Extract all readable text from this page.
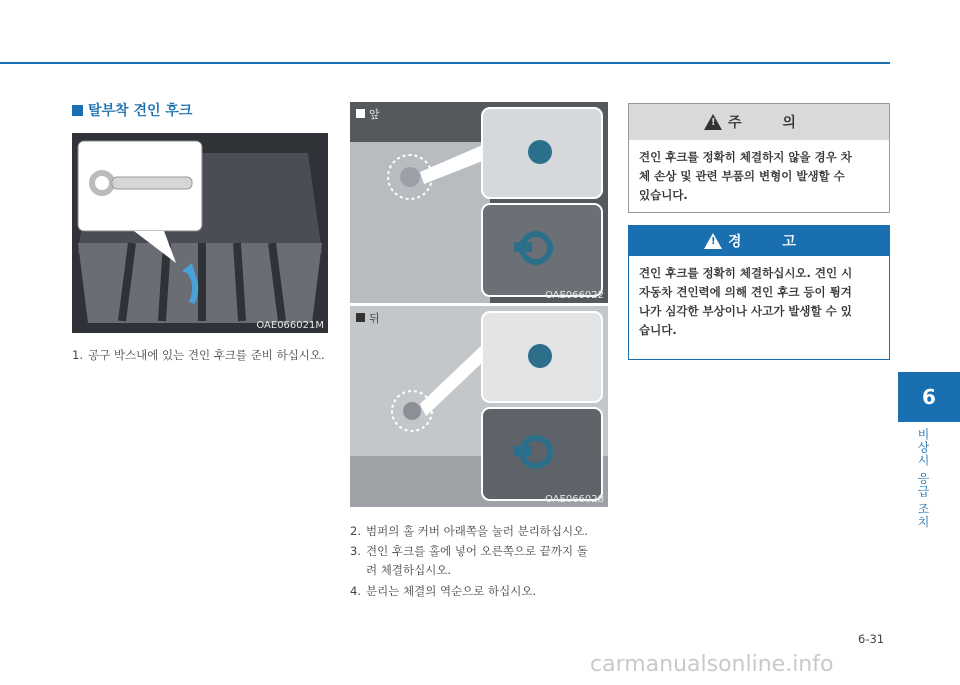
탈부착 견인 후크
OAE066021M
1. 공구 박스내에 있는 견인 후크를 준비 하십시오.
앞
OAE066022
뒤
OAE066028
2. 범퍼의 홀 커버 아래쪽을 눌러 분리하십시오.
3. 견인 후크를 홀에 넣어 오른쪽으로 끝까지 돌
려 체결하십시오.
4. 분리는 체결의 역순으로 하십시오.
! 주 의
견인 후크를 정확히 체결하지 않을 경우 차
체 손상 및 관련 부품의 변형이 발생할 수
있습니다.
! 경 고
견인 후크를 정확히 체결하십시오. 견인 시
자동차 견인력에 의해 견인 후크 등이 튕겨
나가 심각한 부상이나 사고가 발생할 수 있
습니다.
6
비상시 응급 조치
6-31
carmanualsonline.info
